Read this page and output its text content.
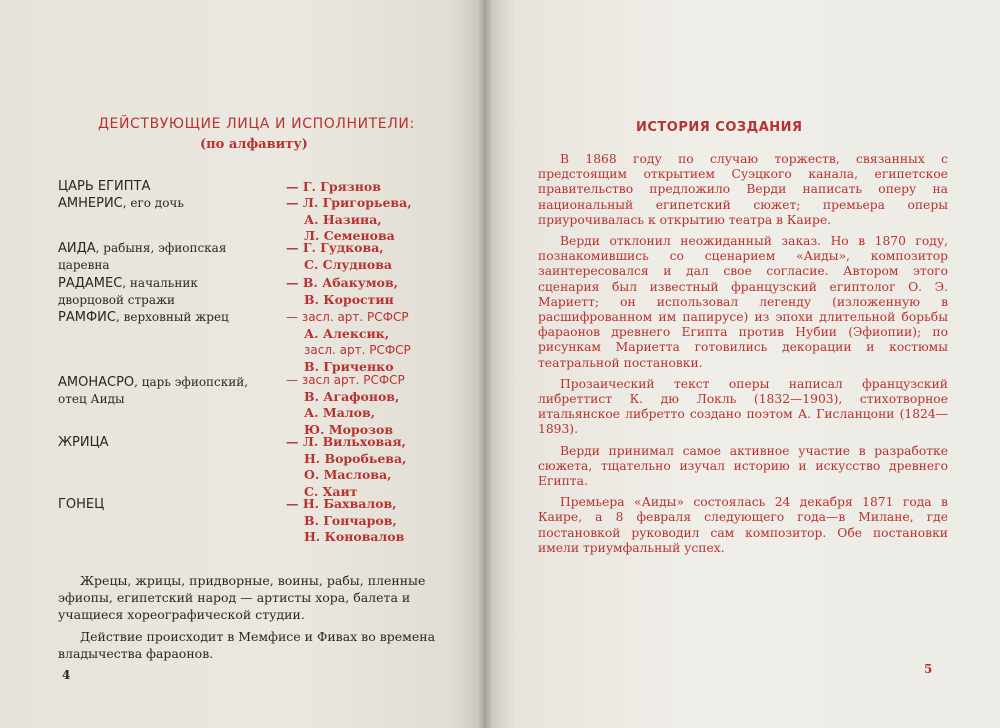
ДЕЙСТВУЮЩИЕ ЛИЦА И ИСПОЛНИТЕЛИ:
(по алфавиту)
ЦАРЬ ЕГИПТА	— Г. Грязнов
АМНЕРИС, его дочь	— Л. Григорьева,
А. Назина,
Л. Семенова
АИДА, рабыня, эфиопская царевна
— Г. Гудкова,
С. Слуднова
РАДАМЕС, начальник дворцовой стражи
— В. Абакумов,
В. Коростин
РАМФИС, верховный жрец	— засл. арт. РСФСР
А. Алексик,
засл. арт. РСФСР
В. Гриченко
АМОНАСРО, царь эфиопский, отец Аиды
— засл арт. РСФСР
В. Агафонов,
А. Малов,
Ю. Морозов
ЖРИЦА	— Л. Вильховая,
Н. Воробьева,
О. Маслова,
С. Хаит
ГОНЕЦ	— Н. Бахвалов,
В. Гончаров,
Н. Коновалов
Жрецы, жрицы, придворные, воины, рабы, пленные эфиопы, египетский народ — артисты хора, балета и учащиеся хореографической студии.
Действие происходит в Мемфисе и Фивах во времена владычества фараонов.
4
ИСТОРИЯ СОЗДАНИЯ

В 1868 году по случаю торжеств, связанных с предстоящим открытием Суэцкого канала, египетское правительство предложило Верди написать оперу на национальный египетский сюжет; премьера оперы приурочивалась к открытию театра в Каире.

Верди отклонил неожиданный заказ. Но в 1870 году, познакомившись со сценарием «Аиды», композитор заинтересовался и дал свое согласие. Автором этого сценария был известный французский египтолог О. Э. Мариетт; он использовал легенду (изложенную в расшифрованном им папирусе) из эпохи длительной борьбы фараонов древнего Египта против Нубии (Эфиопии); по рисункам Мариетта готовились декорации и костюмы театральной постановки.

Прозаический текст оперы написал французский либреттист К. дю Локль (1832—1903), стихотворное итальянское либретто создано поэтом А. Гисланцони (1824—1893).

Верди принимал самое активное участие в разработке сюжета, тщательно изучал историю и искусство древнего Египта.

Премьера «Аиды» состоялась 24 декабря 1871 года в Каире, а 8 февраля следующего года—в Милане, где постановкой руководил сам композитор. Обе постановки имели триумфальный успех.

5
